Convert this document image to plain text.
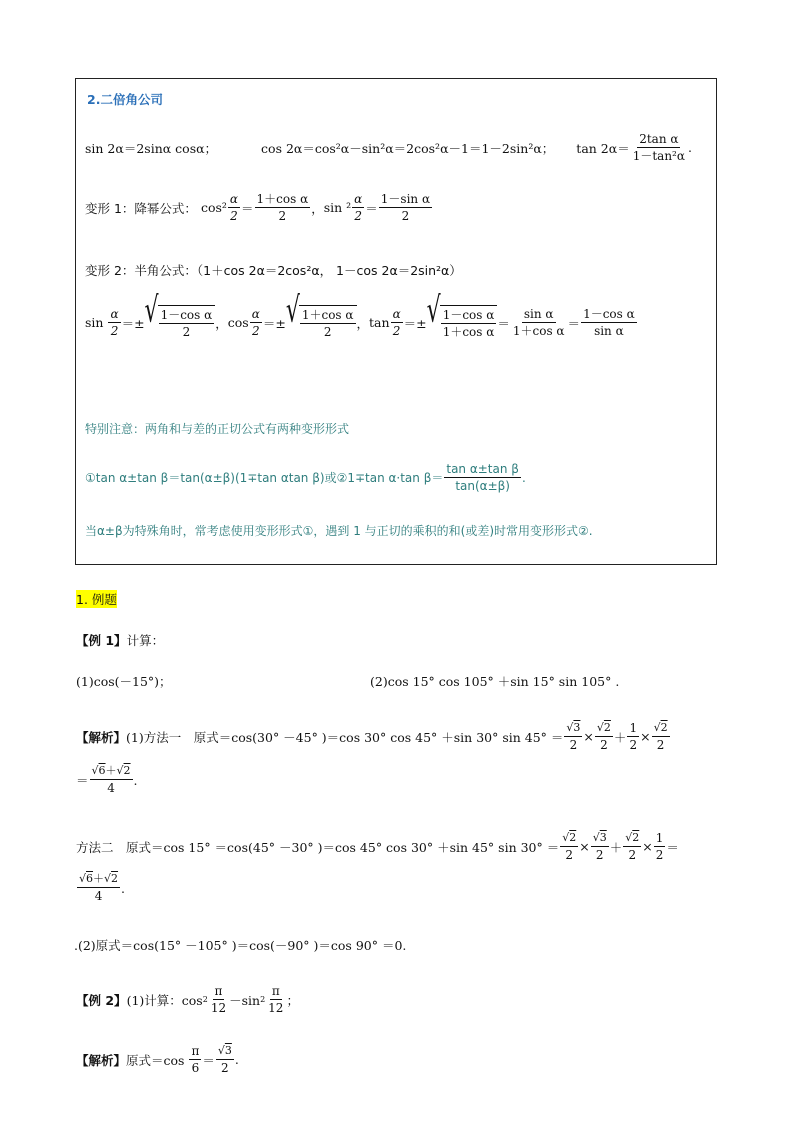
2.二倍角公司
sin 2α＝2sinα cosα；	cos 2α＝cos²α－sin²α＝2cos²α－1＝1－2sin²α； $\tan 2\alpha= \frac{\text{2tan α}}{\text{1－tan²α}}$ .
变形 1：降幂公式： $\cos^2 \frac{\alpha}{2} = \frac{\text{1＋cos α}}{2}$ ， $\sin ^2 \frac{\alpha}{2} = \frac{\text{1－sin α}}{2}$
变形 2：半角公式：（1＋cos 2α＝2cos²α， 1－cos 2α＝2sin²α）
sin
$\frac{\alpha}{2}$ ＝± √ $\frac{\text{1－cos α}}{2}$ ， $\cos \frac{\alpha}{2}$ ＝± √ $\frac{\text{1＋cos α}}{2}$ ， $\tan \frac{\alpha}{2}$ ＝± √ $\frac{\text{1－cos α}}{\text{1＋cos α}} = \frac{\text{sin α}}{\text{1＋cos α}} = \frac{\text{1－cos α}}{\text{sin α}}$
特别注意：两角和与差的正切公式有两种变形形式
①tan α±tan β＝tan(α±β)(1∓tan αtan β)或②1∓tan α·tan $\beta= \frac{\text{tan α±tan β}}{\tan(\alpha\pm\beta)}$ .
当α±β为特殊角时，常考虑使用变形形式①，遇到 1 与正切的乘积的和(或差)时常用变形形式②.
1. 例题
【例 1】 计算：
(1)cos(－15°)；	(2)cos 15° cos 105° ＋sin 15° sin 105° .
【解析】 (1)方法一　原式＝cos(30° －45° )＝cos 30° cos 45° ＋sin 30° $\sin 45^\circ = \frac{√3}{2} \times \frac{√2}{2} + \frac{1}{2} \times \frac{√2}{2}$
＝ $\frac{√6+√2}{4}$ .
方法二　原式＝cos 15° ＝cos(45° －30° )＝cos 45° cos 30° ＋sin 45° $\sin 30^\circ = \frac{√2}{2} \times \frac{√3}{2} + \frac{√2}{2} \times \frac{1}{2}$ ＝
$\frac{√6+√2}{4}$ .
.(2)原式＝cos(15° －105° )＝cos(－90° )＝cos 90° ＝0.
【例 2】 (1)计算：$\cos 2 \frac{\pi}{12} -\sin$ $2 \frac{\pi}{12}$ ；
【解析】 原式＝cos
$\frac{\pi}{6} = \frac{√3}{2}$ .
